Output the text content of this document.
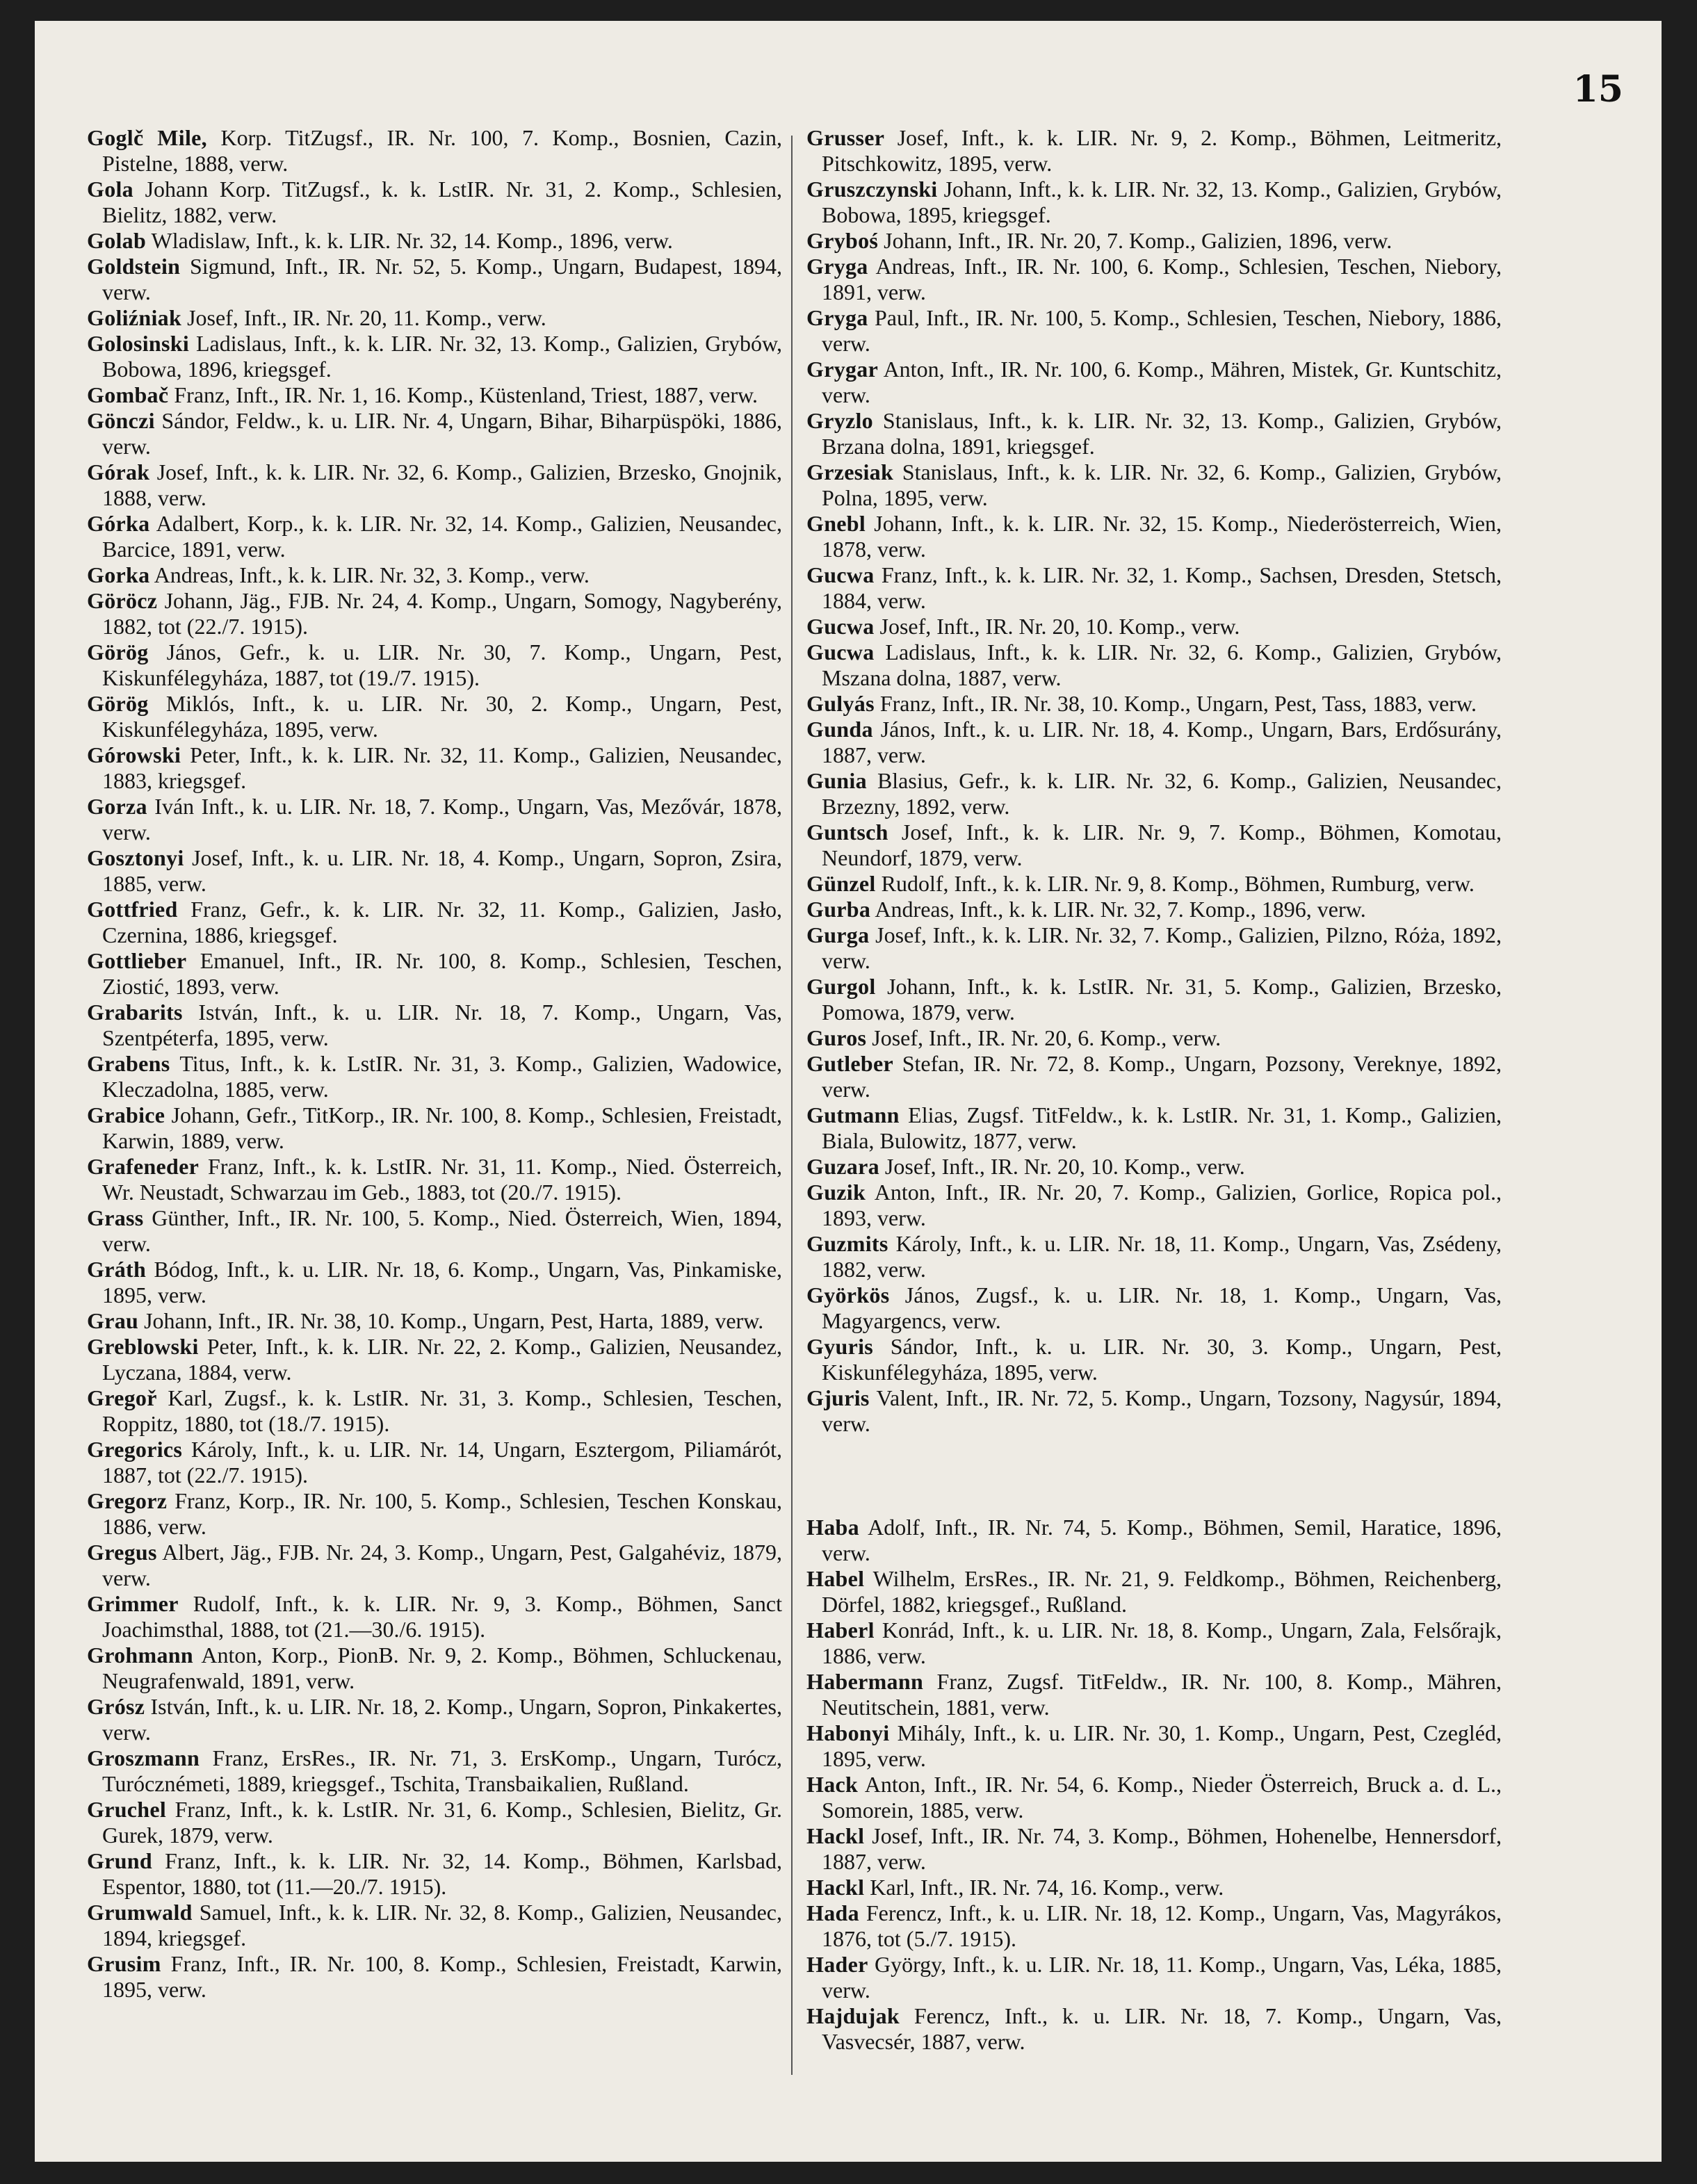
15
Goglč Mile, Korp. TitZugsf., IR. Nr. 100, 7. Komp., Bosnien, Cazin, Pistelne, 1888, verw.
Gola Johann Korp. TitZugsf., k. k. LstIR. Nr. 31, 2. Komp., Schlesien, Bielitz, 1882, verw.
Golab Wladislaw, Inft., k. k. LIR. Nr. 32, 14. Komp., 1896, verw.
Goldstein Sigmund, Inft., IR. Nr. 52, 5. Komp., Ungarn, Budapest, 1894, verw.
Goliźniak Josef, Inft., IR. Nr. 20, 11. Komp., verw.
Golosinski Ladislaus, Inft., k. k. LIR. Nr. 32, 13. Komp., Galizien, Grybów, Bobowa, 1896, kriegsgef.
Gombač Franz, Inft., IR. Nr. 1, 16. Komp., Küstenland, Triest, 1887, verw.
Gönczi Sándor, Feldw., k. u. LIR. Nr. 4, Ungarn, Bihar, Biharpüspöki, 1886, verw.
Górak Josef, Inft., k. k. LIR. Nr. 32, 6. Komp., Galizien, Brzesko, Gnojnik, 1888, verw.
Górka Adalbert, Korp., k. k. LIR. Nr. 32, 14. Komp., Galizien, Neusandec, Barcice, 1891, verw.
Gorka Andreas, Inft., k. k. LIR. Nr. 32, 3. Komp., verw.
Göröcz Johann, Jäg., FJB. Nr. 24, 4. Komp., Ungarn, Somogy, Nagyberény, 1882, tot (22./7. 1915).
Görög János, Gefr., k. u. LIR. Nr. 30, 7. Komp., Ungarn, Pest, Kiskunfélegyháza, 1887, tot (19./7. 1915).
Görög Miklós, Inft., k. u. LIR. Nr. 30, 2. Komp., Ungarn, Pest, Kiskunfélegyháza, 1895, verw.
Górowski Peter, Inft., k. k. LIR. Nr. 32, 11. Komp., Galizien, Neusandec, 1883, kriegsgef.
Gorza Iván Inft., k. u. LIR. Nr. 18, 7. Komp., Ungarn, Vas, Mezővár, 1878, verw.
Gosztonyi Josef, Inft., k. u. LIR. Nr. 18, 4. Komp., Ungarn, Sopron, Zsira, 1885, verw.
Gottfried Franz, Gefr., k. k. LIR. Nr. 32, 11. Komp., Galizien, Jasło, Czernina, 1886, kriegsgef.
Gottlieber Emanuel, Inft., IR. Nr. 100, 8. Komp., Schlesien, Teschen, Ziostić, 1893, verw.
Grabarits István, Inft., k. u. LIR. Nr. 18, 7. Komp., Ungarn, Vas, Szentpéterfa, 1895, verw.
Grabens Titus, Inft., k. k. LstIR. Nr. 31, 3. Komp., Galizien, Wadowice, Kleczadolna, 1885, verw.
Grabice Johann, Gefr., TitKorp., IR. Nr. 100, 8. Komp., Schlesien, Freistadt, Karwin, 1889, verw.
Grafeneder Franz, Inft., k. k. LstIR. Nr. 31, 11. Komp., Nied. Österreich, Wr. Neustadt, Schwarzau im Geb., 1883, tot (20./7. 1915).
Grass Günther, Inft., IR. Nr. 100, 5. Komp., Nied. Österreich, Wien, 1894, verw.
Gráth Bódog, Inft., k. u. LIR. Nr. 18, 6. Komp., Ungarn, Vas, Pinkamiske, 1895, verw.
Grau Johann, Inft., IR. Nr. 38, 10. Komp., Ungarn, Pest, Harta, 1889, verw.
Greblowski Peter, Inft., k. k. LIR. Nr. 22, 2. Komp., Galizien, Neusandez, Lyczana, 1884, verw.
Gregoř Karl, Zugsf., k. k. LstIR. Nr. 31, 3. Komp., Schlesien, Teschen, Roppitz, 1880, tot (18./7. 1915).
Gregorics Károly, Inft., k. u. LIR. Nr. 14, Ungarn, Esztergom, Piliamárót, 1887, tot (22./7. 1915).
Gregorz Franz, Korp., IR. Nr. 100, 5. Komp., Schlesien, Teschen Konskau, 1886, verw.
Gregus Albert, Jäg., FJB. Nr. 24, 3. Komp., Ungarn, Pest, Galgahéviz, 1879, verw.
Grimmer Rudolf, Inft., k. k. LIR. Nr. 9, 3. Komp., Böhmen, Sanct Joachimsthal, 1888, tot (21.—30./6. 1915).
Grohmann Anton, Korp., PionB. Nr. 9, 2. Komp., Böhmen, Schluckenau, Neugrafenwald, 1891, verw.
Grósz István, Inft., k. u. LIR. Nr. 18, 2. Komp., Ungarn, Sopron, Pinkakertes, verw.
Groszmann Franz, ErsRes., IR. Nr. 71, 3. ErsKomp., Ungarn, Turócz, Turócznémeti, 1889, kriegsgef., Tschita, Transbaikalien, Rußland.
Gruchel Franz, Inft., k. k. LstIR. Nr. 31, 6. Komp., Schlesien, Bielitz, Gr. Gurek, 1879, verw.
Grund Franz, Inft., k. k. LIR. Nr. 32, 14. Komp., Böhmen, Karlsbad, Espentor, 1880, tot (11.—20./7. 1915).
Grumwald Samuel, Inft., k. k. LIR. Nr. 32, 8. Komp., Galizien, Neusandec, 1894, kriegsgef.
Grusim Franz, Inft., IR. Nr. 100, 8. Komp., Schlesien, Freistadt, Karwin, 1895, verw.
Grusser Josef, Inft., k. k. LIR. Nr. 9, 2. Komp., Böhmen, Leitmeritz, Pitschkowitz, 1895, verw.
Gruszczynski Johann, Inft., k. k. LIR. Nr. 32, 13. Komp., Galizien, Grybów, Bobowa, 1895, kriegsgef.
Gryboś Johann, Inft., IR. Nr. 20, 7. Komp., Galizien, 1896, verw.
Gryga Andreas, Inft., IR. Nr. 100, 6. Komp., Schlesien, Teschen, Niebory, 1891, verw.
Gryga Paul, Inft., IR. Nr. 100, 5. Komp., Schlesien, Teschen, Niebory, 1886, verw.
Grygar Anton, Inft., IR. Nr. 100, 6. Komp., Mähren, Mistek, Gr. Kuntschitz, verw.
Gryzlo Stanislaus, Inft., k. k. LIR. Nr. 32, 13. Komp., Galizien, Grybów, Brzana dolna, 1891, kriegsgef.
Grzesiak Stanislaus, Inft., k. k. LIR. Nr. 32, 6. Komp., Galizien, Grybów, Polna, 1895, verw.
Gnebl Johann, Inft., k. k. LIR. Nr. 32, 15. Komp., Niederösterreich, Wien, 1878, verw.
Gucwa Franz, Inft., k. k. LIR. Nr. 32, 1. Komp., Sachsen, Dresden, Stetsch, 1884, verw.
Gucwa Josef, Inft., IR. Nr. 20, 10. Komp., verw.
Gucwa Ladislaus, Inft., k. k. LIR. Nr. 32, 6. Komp., Galizien, Grybów, Mszana dolna, 1887, verw.
Gulyás Franz, Inft., IR. Nr. 38, 10. Komp., Ungarn, Pest, Tass, 1883, verw.
Gunda János, Inft., k. u. LIR. Nr. 18, 4. Komp., Ungarn, Bars, Erdősurány, 1887, verw.
Gunia Blasius, Gefr., k. k. LIR. Nr. 32, 6. Komp., Galizien, Neusandec, Brzezny, 1892, verw.
Guntsch Josef, Inft., k. k. LIR. Nr. 9, 7. Komp., Böhmen, Komotau, Neundorf, 1879, verw.
Günzel Rudolf, Inft., k. k. LIR. Nr. 9, 8. Komp., Böhmen, Rumburg, verw.
Gurba Andreas, Inft., k. k. LIR. Nr. 32, 7. Komp., 1896, verw.
Gurga Josef, Inft., k. k. LIR. Nr. 32, 7. Komp., Galizien, Pilzno, Róża, 1892, verw.
Gurgol Johann, Inft., k. k. LstIR. Nr. 31, 5. Komp., Galizien, Brzesko, Pomowa, 1879, verw.
Guros Josef, Inft., IR. Nr. 20, 6. Komp., verw.
Gutleber Stefan, IR. Nr. 72, 8. Komp., Ungarn, Pozsony, Vereknye, 1892, verw.
Gutmann Elias, Zugsf. TitFeldw., k. k. LstIR. Nr. 31, 1. Komp., Galizien, Biala, Bulowitz, 1877, verw.
Guzara Josef, Inft., IR. Nr. 20, 10. Komp., verw.
Guzik Anton, Inft., IR. Nr. 20, 7. Komp., Galizien, Gorlice, Ropica pol., 1893, verw.
Guzmits Károly, Inft., k. u. LIR. Nr. 18, 11. Komp., Ungarn, Vas, Zsédeny, 1882, verw.
Györkös János, Zugsf., k. u. LIR. Nr. 18, 1. Komp., Ungarn, Vas, Magyargencs, verw.
Gyuris Sándor, Inft., k. u. LIR. Nr. 30, 3. Komp., Ungarn, Pest, Kiskunfélegyháza, 1895, verw.
Gjuris Valent, Inft., IR. Nr. 72, 5. Komp., Ungarn, Tozsony, Nagysúr, 1894, verw.
Haba Adolf, Inft., IR. Nr. 74, 5. Komp., Böhmen, Semil, Haratice, 1896, verw.
Habel Wilhelm, ErsRes., IR. Nr. 21, 9. Feldkomp., Böhmen, Reichenberg, Dörfel, 1882, kriegsgef., Rußland.
Haberl Konrád, Inft., k. u. LIR. Nr. 18, 8. Komp., Ungarn, Zala, Felsőrajk, 1886, verw.
Habermann Franz, Zugsf. TitFeldw., IR. Nr. 100, 8. Komp., Mähren, Neutitschein, 1881, verw.
Habonyi Mihály, Inft., k. u. LIR. Nr. 30, 1. Komp., Ungarn, Pest, Czegléd, 1895, verw.
Hack Anton, Inft., IR. Nr. 54, 6. Komp., Nieder Österreich, Bruck a. d. L., Somorein, 1885, verw.
Hackl Josef, Inft., IR. Nr. 74, 3. Komp., Böhmen, Hohenelbe, Hennersdorf, 1887, verw.
Hackl Karl, Inft., IR. Nr. 74, 16. Komp., verw.
Hada Ferencz, Inft., k. u. LIR. Nr. 18, 12. Komp., Ungarn, Vas, Magyrákos, 1876, tot (5./7. 1915).
Hader György, Inft., k. u. LIR. Nr. 18, 11. Komp., Ungarn, Vas, Léka, 1885, verw.
Hajdujak Ferencz, Inft., k. u. LIR. Nr. 18, 7. Komp., Ungarn, Vas, Vasvecsér, 1887, verw.
